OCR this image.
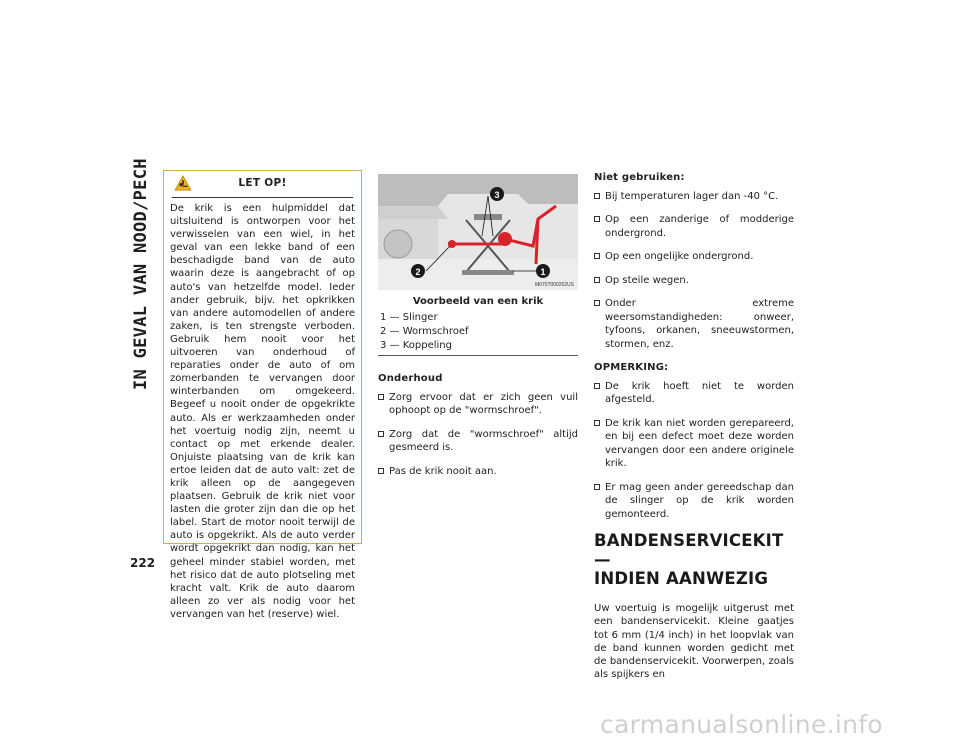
IN GEVAL VAN NOOD/PECH
222
LET OP!
De krik is een hulpmiddel dat uitsluitend is ontworpen voor het verwisselen van een wiel, in het geval van een lekke band of een beschadigde band van de auto waarin deze is aangebracht of op auto's van hetzelfde model. Ieder ander gebruik, bijv. het opkrikken van andere automodellen of andere zaken, is ten strengste verboden. Gebruik hem nooit voor het uitvoeren van onderhoud of reparaties onder de auto of om zomerbanden te vervangen door winterbanden om omgekeerd. Begeef u nooit onder de opgekrikte auto. Als er werkzaamheden onder het voertuig nodig zijn, neemt u contact op met erkende dealer. Onjuiste plaatsing van de krik kan ertoe leiden dat de auto valt: zet de krik alleen op de aangegeven plaatsen. Gebruik de krik niet voor lasten die groter zijn dan die op het label. Start de motor nooit terwijl de auto is opgekrikt. Als de auto verder wordt opgekrikt dan nodig, kan het geheel minder stabiel worden, met het risico dat de auto plotseling met kracht valt. Krik de auto daarom alleen zo ver als nodig voor het vervangen van het (reserve) wiel.
3
2	1
M0707000252US
Voorbeeld van een krik
1 — Slinger
2 — Wormschroef
3 — Koppeling
Onderhoud
Zorg ervoor dat er zich geen vuil ophoopt op de "wormschroef".
Zorg dat de "wormschroef" altijd gesmeerd is.
Pas de krik nooit aan.
Niet gebruiken:
Bij temperaturen lager dan -40 °C.
Op een zanderige of modderige ondergrond.
Op een ongelijke ondergrond.
Op steile wegen.
Onder extreme weersomstandigheden: onweer, tyfoons, orkanen, sneeuwstormen, stormen, enz.
OPMERKING:
De krik hoeft niet te worden afgesteld.
De krik kan niet worden gerepareerd, en bij een defect moet deze worden vervangen door een andere originele krik.
Er mag geen ander gereedschap dan de slinger op de krik worden gemonteerd.
BANDENSERVICEKIT —
INDIEN AANWEZIG
Uw voertuig is mogelijk uitgerust met een bandenservicekit. Kleine gaatjes tot 6 mm (1/4 inch) in het loopvlak van de band kunnen worden gedicht met de bandenservicekit. Voorwerpen, zoals als spijkers en
carmanualsonline.info
